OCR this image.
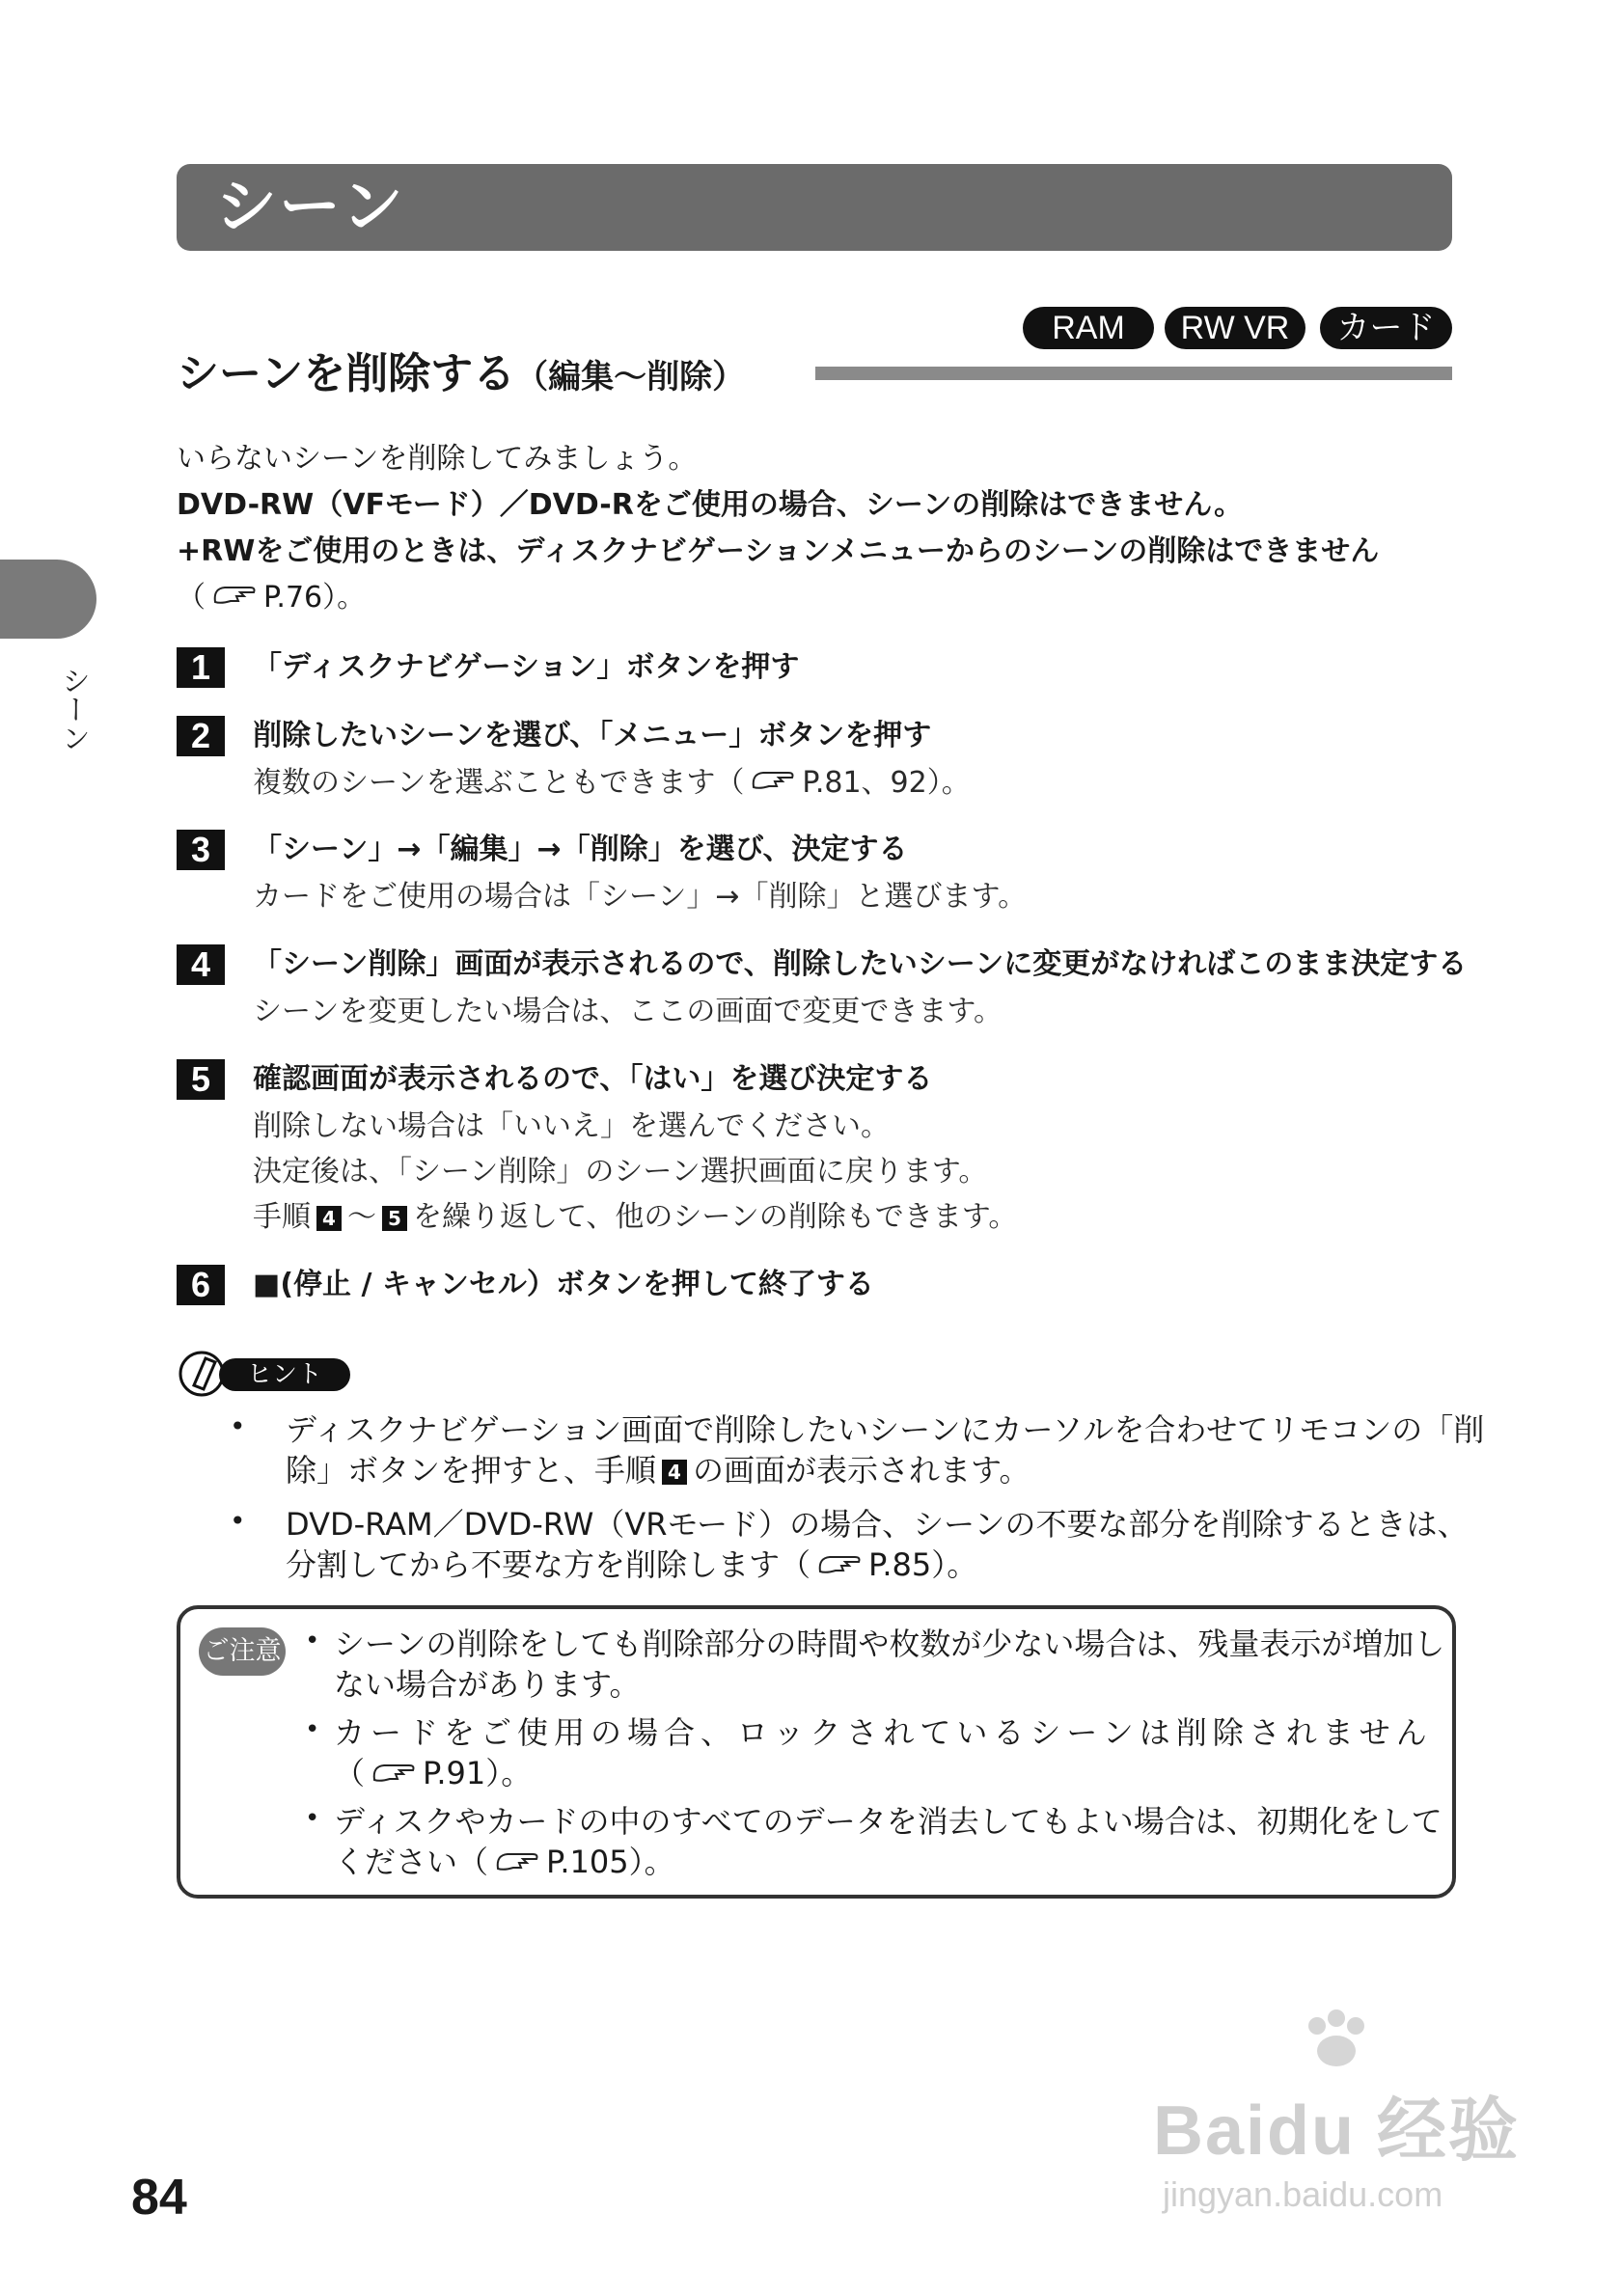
シーン
RAM	RW VR	カード
シーンを削除する（編集〜削除）
シーン
いらないシーンを削除してみましょう。
DVD-RW（VFモード）／DVD-Rをご使用の場合、シーンの削除はできません。
+RWをご使用のときは、ディスクナビゲーションメニューからのシーンの削除はできません
（ P.76）。
1	「ディスクナビゲーション」ボタンを押す
2	削除したいシーンを選び、「メニュー」ボタンを押す
複数のシーンを選ぶこともできます（ P.81、92）。
3	「シーン」→「編集」→「削除」を選び、決定する
カードをご使用の場合は「シーン」→「削除」と選びます。
4	「シーン削除」画面が表示されるので、削除したいシーンに変更がなければこのまま決定する
シーンを変更したい場合は、ここの画面で変更できます。
5	確認画面が表示されるので、「はい」を選び決定する
削除しない場合は「いいえ」を選んでください。
決定後は、「シーン削除」のシーン選択画面に戻ります。
手順 4 〜 5 を繰り返して、他のシーンの削除もできます。
6	■(停止 / キャンセル）ボタンを押して終了する
ヒント
• ディスクナビゲーション画面で削除したいシーンにカーソルを合わせてリモコンの「削
除」ボタンを押すと、手順 4 の画面が表示されます。
• DVD-RAM／DVD-RW（VRモード）の場合、シーンの不要な部分を削除するときは、
分割してから不要な方を削除します（ P.85）。
ご注意 • シーンの削除をしても削除部分の時間や枚数が少ない場合は、残量表示が増加し
ない場合があります。
• カードをご使用の場合、ロックされているシーンは削除されません
（ P.91）。
• ディスクやカードの中のすべてのデータを消去してもよい場合は、初期化をして
ください（ P.105）。
84
Baidu 经验
jingyan.baidu.com
